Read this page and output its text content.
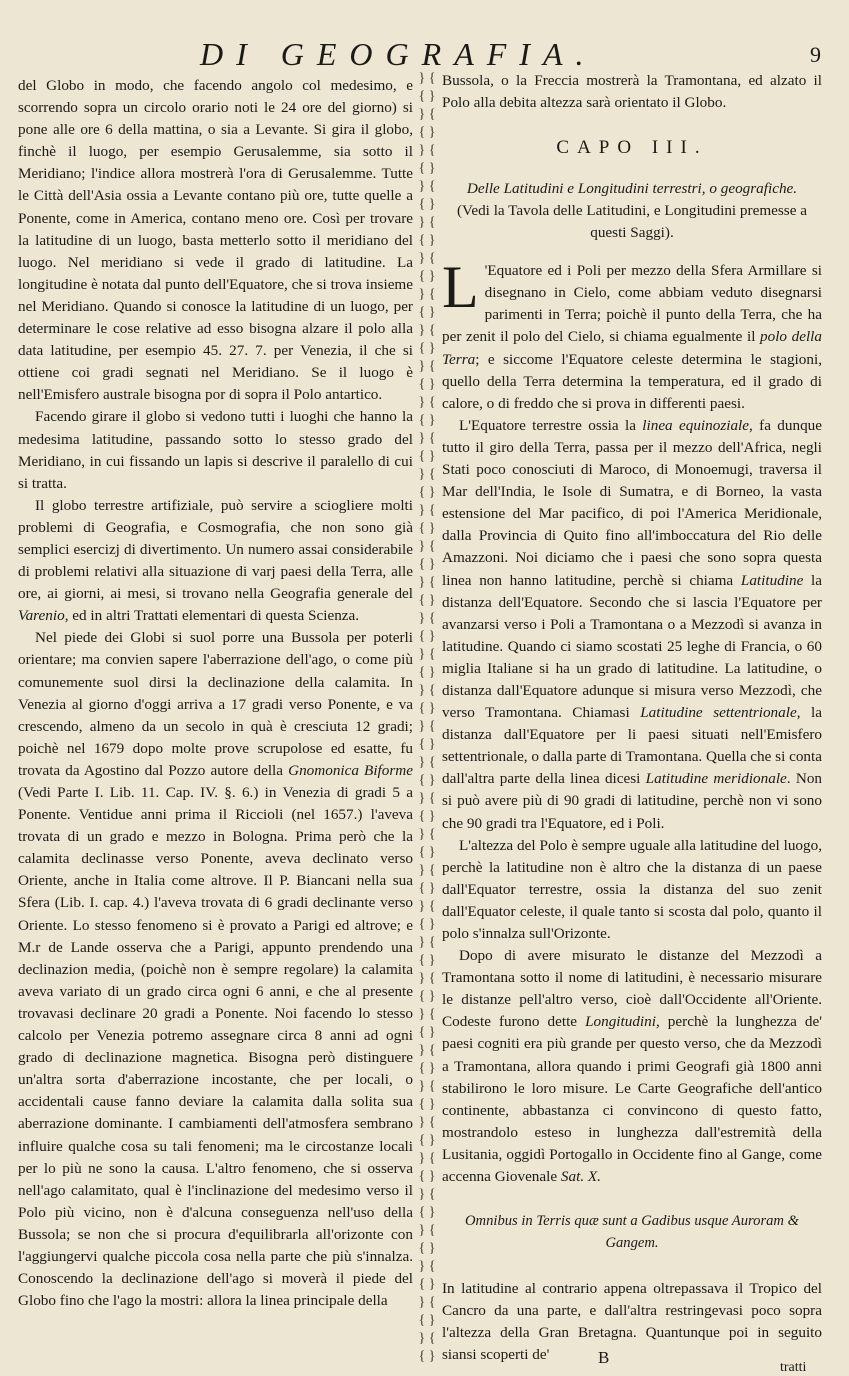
DI GEOGRAFIA.	9

del Globo in modo, che facendo angolo col medesimo, e scorrendo sopra un circolo orario noti le 24 ore del giorno) si pone alle ore 6 della mattina, o sia a Levante. Si gira il globo, finchè il luogo, per esempio Gerusalemme, sia sotto il Meridiano; l'indice allora mostrerà l'ora di Gerusalemme. Tutte le Città dell'Asia ossia a Levante contano più ore, tutte quelle a Ponente, come in America, contano meno ore. Così per trovare la latitudine di un luogo, basta metterlo sotto il meridiano del luogo. Nel meridiano si vede il grado di latitudine. La longitudine è notata dal punto dell'Equatore, che si trova insieme nel Meridiano. Quando si conosce la latitudine di un luogo, per determinare le cose relative ad esso bisogna alzare il polo alla data latitudine, per esempio 45. 27. 7. per Venezia, il che si ottiene coi gradi segnati nel Meridiano. Se il luogo è nell'Emisfero australe bisogna por di sopra il Polo antartico.

Facendo girare il globo si vedono tutti i luoghi che hanno la medesima latitudine, passando sotto lo stesso grado del Meridiano, in cui fissando un lapis si descrive il paralello di cui si tratta.

Il globo terrestre artifiziale, può servire a sciogliere molti problemi di Geografia, e Cosmografia, che non sono già semplici esercizj di divertimento. Un numero assai considerabile di problemi relativi alla situazione di varj paesi della Terra, alle ore, ai giorni, ai mesi, si trovano nella Geografia generale del Varenio, ed in altri Trattati elementari di questa Scienza.

Nel piede dei Globi si suol porre una Bussola per poterli orientare; ma convien sapere l'aberrazione dell'ago, o come più comunemente suol dirsi la declinazione della calamita. In Venezia al giorno d'oggi arriva a 17 gradi verso Ponente, e va crescendo, almeno da un secolo in quà è cresciuta 12 gradi; poichè nel 1679 dopo molte prove scrupolose ed esatte, fu trovata da Agostino dal Pozzo autore della Gnomonica Biforme (Vedi Parte I. Lib. 11. Cap. IV. §. 6.) in Venezia di gradi 5 a Ponente. Ventidue anni prima il Riccioli (nel 1657.) l'aveva trovata di un grado e mezzo in Bologna. Prima però che la calamita declinasse verso Ponente, aveva declinato verso Oriente, anche in Italia come altrove. Il P. Biancani nella sua Sfera (Lib. I. cap. 4.) l'aveva trovata di 6 gradi declinante verso Oriente. Lo stesso fenomeno si è provato a Parigi ed altrove; e M.r de Lande osserva che a Parigi, appunto prendendo una declinazion media, (poichè non è sempre regolare) la calamita aveva variato di un grado circa ogni 6 anni, e che al presente trovavasi declinare 20 gradi a Ponente. Noi facendo lo stesso calcolo per Venezia potremo assegnare circa 8 anni ad ogni grado di declinazione magnetica. Bisogna però distinguere un'altra sorta d'aberrazione incostante, che per locali, o accidentali cause fanno deviare la calamita dalla solita sua aberrazione dominante. I cambiamenti dell'atmosfera sembrano influire qualche cosa su tali fenomeni; ma le circostanze locali per lo più ne sono la causa. L'altro fenomeno, che si osserva nell'ago calamitato, qual è l'inclinazione del medesimo verso il Polo più vicino, non è d'alcuna conseguenza nell'uso della Bussola; se non che si procura d'equilibrarla all'orizonte con l'aggiungervi qualche piccola cosa nella parte che più s'innalza. Conoscendo la declinazione dell'ago si moverà il piede del Globo fino che l'ago la mostri: allora la linea principale della

} {
{ }
} {
{ }
} {
{ }
} {
{ }
} {
{ }
} {
{ }
} {
{ }
} {
{ }
} {
{ }
} {
{ }
} {
{ }
} {
{ }
} {
{ }
} {
{ }
} {
{ }
} {
{ }
} {
{ }
} {
{ }
} {
{ }
} {
{ }
} {
{ }
} {
{ }
} {
{ }
} {
{ }
} {
{ }
} {
{ }
} {
{ }
} {
{ }
} {
{ }
} {
{ }
} {
{ }
} {
{ }
} {
{ }
} {
{ }
} {
{ }
} {
{ }

Bussola, o la Freccia mostrerà la Tramontana, ed alzato il Polo alla debita altezza sarà orientato il Globo.

CAPO III.
Delle Latitudini e Longitudini terrestri, o geografiche.
(Vedi la Tavola delle Latitudini, e Longitudini premesse a questi Saggi).

L 'Equatore ed i Poli per mezzo della Sfera Armillare si disegnano in Cielo, come abbiam veduto disegnarsi parimenti in Terra; poichè il punto della Terra, che ha per zenit il polo del Cielo, si chiama egualmente il polo della Terra; e siccome l'Equatore celeste determina le stagioni, quello della Terra determina la temperatura, ed il grado di calore, o di freddo che si prova in differenti paesi.

L'Equatore terrestre ossia la linea equinoziale, fa dunque tutto il giro della Terra, passa per il mezzo dell'Africa, negli Stati poco conosciuti di Maroco, di Monoemugi, traversa il Mar dell'India, le Isole di Sumatra, e di Borneo, la vasta estensione del Mar pacifico, di poi l'America Meridionale, dalla Provincia di Quito fino all'imboccatura del Rio delle Amazzoni. Noi diciamo che i paesi che sono sopra questa linea non hanno latitudine, perchè si chiama Latitudine la distanza dell'Equatore. Secondo che si lascia l'Equatore per avanzarsi verso i Poli a Tramontana o a Mezzodì si avanza in latitudine. Quando ci siamo scostati 25 leghe di Francia, o 60 miglia Italiane si ha un grado di latitudine. La latitudine, o distanza dall'Equatore adunque si misura verso Mezzodì, che verso Tramontana. Chiamasi Latitudine settentrionale, la distanza dall'Equatore per li paesi situati nell'Emisfero settentrionale, o dalla parte di Tramontana. Quella che si conta dall'altra parte della linea dicesi Latitudine meridionale. Non si può avere più di 90 gradi di latitudine, perchè non vi sono che 90 gradi tra l'Equatore, ed i Poli.

L'altezza del Polo è sempre uguale alla latitudine del luogo, perchè la latitudine non è altro che la distanza di un paese dall'Equator terrestre, ossia la distanza del suo zenit dall'Equator celeste, il quale tanto si scosta dal polo, quanto il polo s'innalza sull'Orizonte.

Dopo di avere misurato le distanze del Mezzodì a Tramontana sotto il nome di latitudini, è necessario misurare le distanze pell'altro verso, cioè dall'Occidente all'Oriente. Codeste furono dette Longitudini, perchè la lunghezza de' paesi cogniti era più grande per questo verso, che da Mezzodì a Tramontana, allora quando i primi Geografi già 1800 anni stabilirono le loro misure. Le Carte Geografiche dell'antico continente, abbastanza ci convincono di questo fatto, mostrandolo esteso in lunghezza dall'estremità della Lusitania, oggidì Portogallo in Occidente fino al Gange, come accenna Giovenale Sat. X.

Omnibus in Terris quæ sunt a Gadibus usque Auroram & Gangem.

In latitudine al contrario appena oltrepassava il Tropico del Cancro da una parte, e dall'altra restringevasi poco sopra l'altezza della Gran Bretagna. Quantunque poi in seguito siansi scoperti de'	B
tratti
